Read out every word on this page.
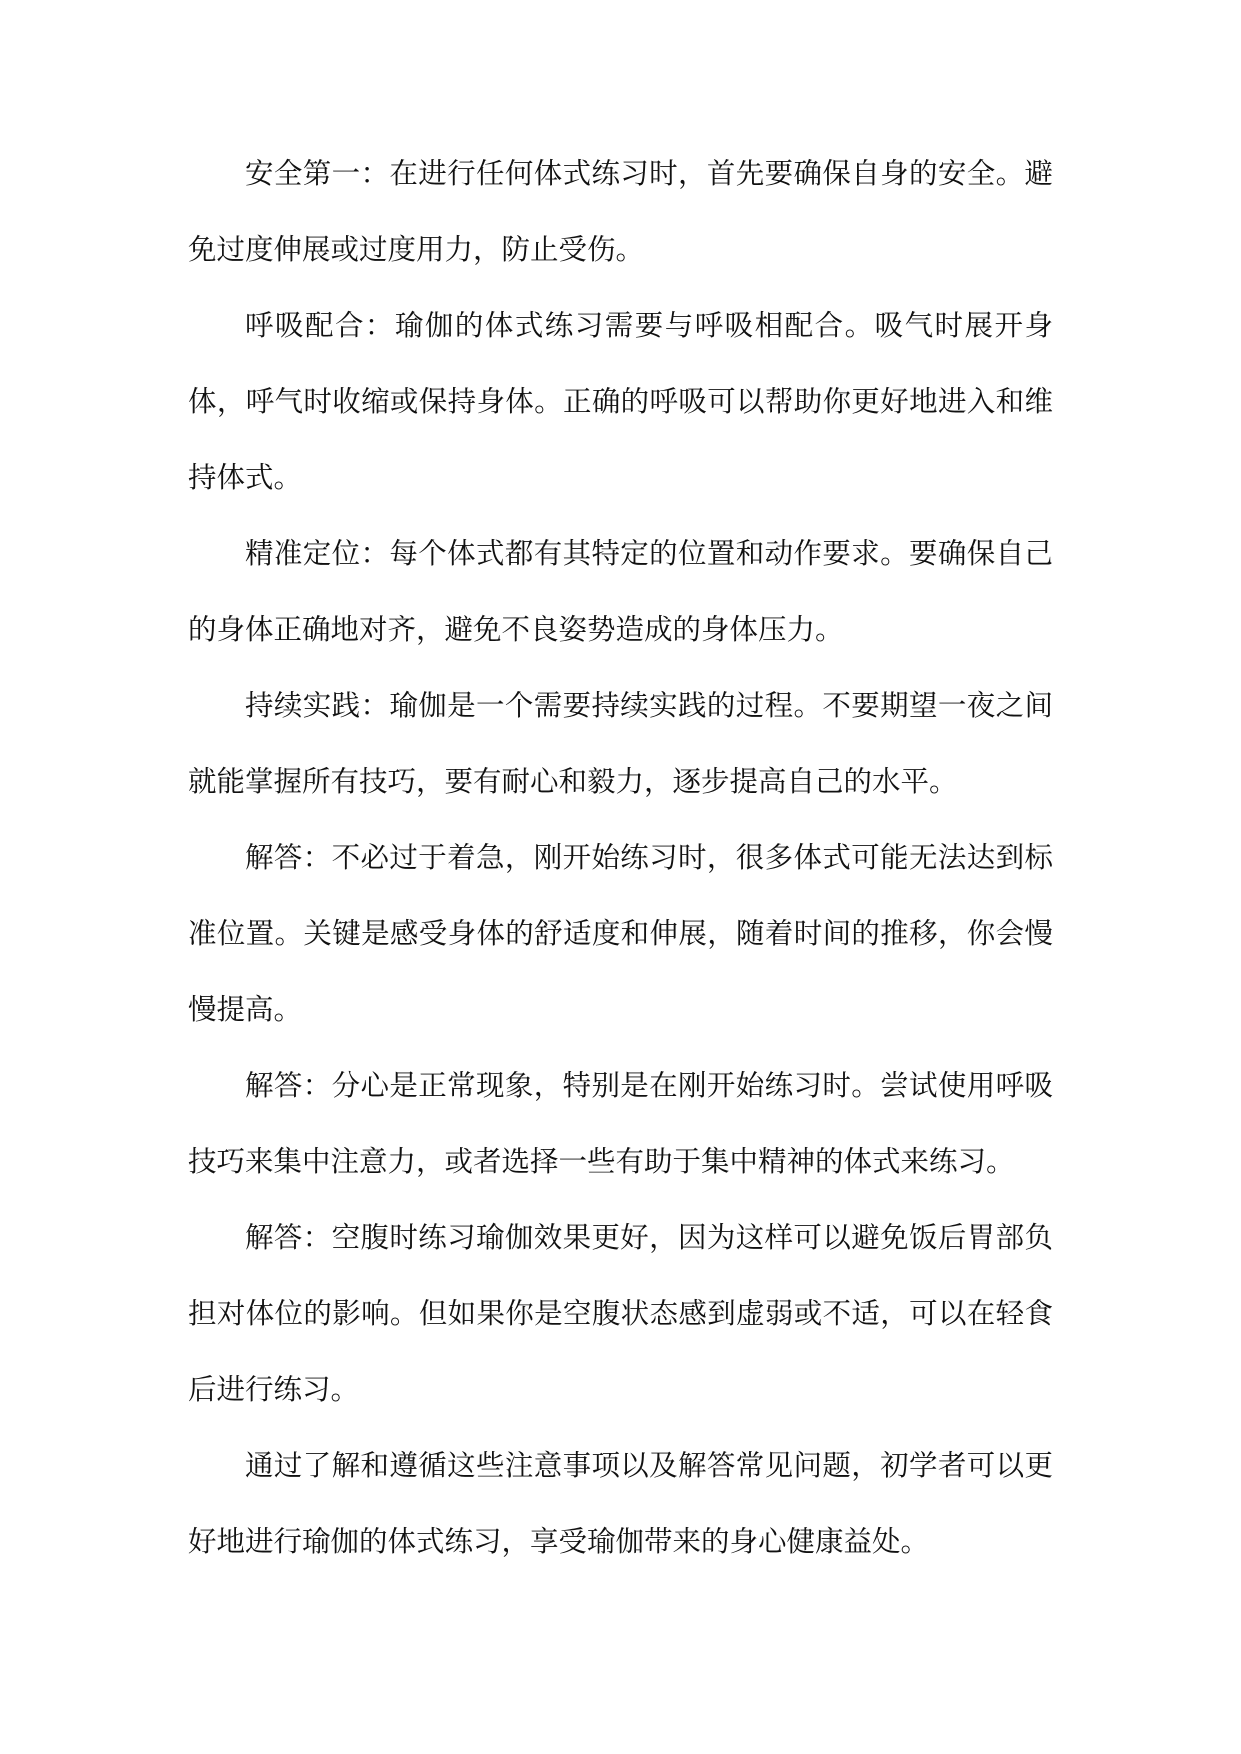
安全第一：在进行任何体式练习时，首先要确保自身的安全。避免过度伸展或过度用力，防止受伤。

呼吸配合：瑜伽的体式练习需要与呼吸相配合。吸气时展开身体，呼气时收缩或保持身体。正确的呼吸可以帮助你更好地进入和维持体式。

精准定位：每个体式都有其特定的位置和动作要求。要确保自己的身体正确地对齐，避免不良姿势造成的身体压力。

持续实践：瑜伽是一个需要持续实践的过程。不要期望一夜之间就能掌握所有技巧，要有耐心和毅力，逐步提高自己的水平。

解答：不必过于着急，刚开始练习时，很多体式可能无法达到标准位置。关键是感受身体的舒适度和伸展，随着时间的推移，你会慢慢提高。

解答：分心是正常现象，特别是在刚开始练习时。尝试使用呼吸技巧来集中注意力，或者选择一些有助于集中精神的体式来练习。

解答：空腹时练习瑜伽效果更好，因为这样可以避免饭后胃部负担对体位的影响。但如果你是空腹状态感到虚弱或不适，可以在轻食后进行练习。

通过了解和遵循这些注意事项以及解答常见问题，初学者可以更好地进行瑜伽的体式练习，享受瑜伽带来的身心健康益处。
